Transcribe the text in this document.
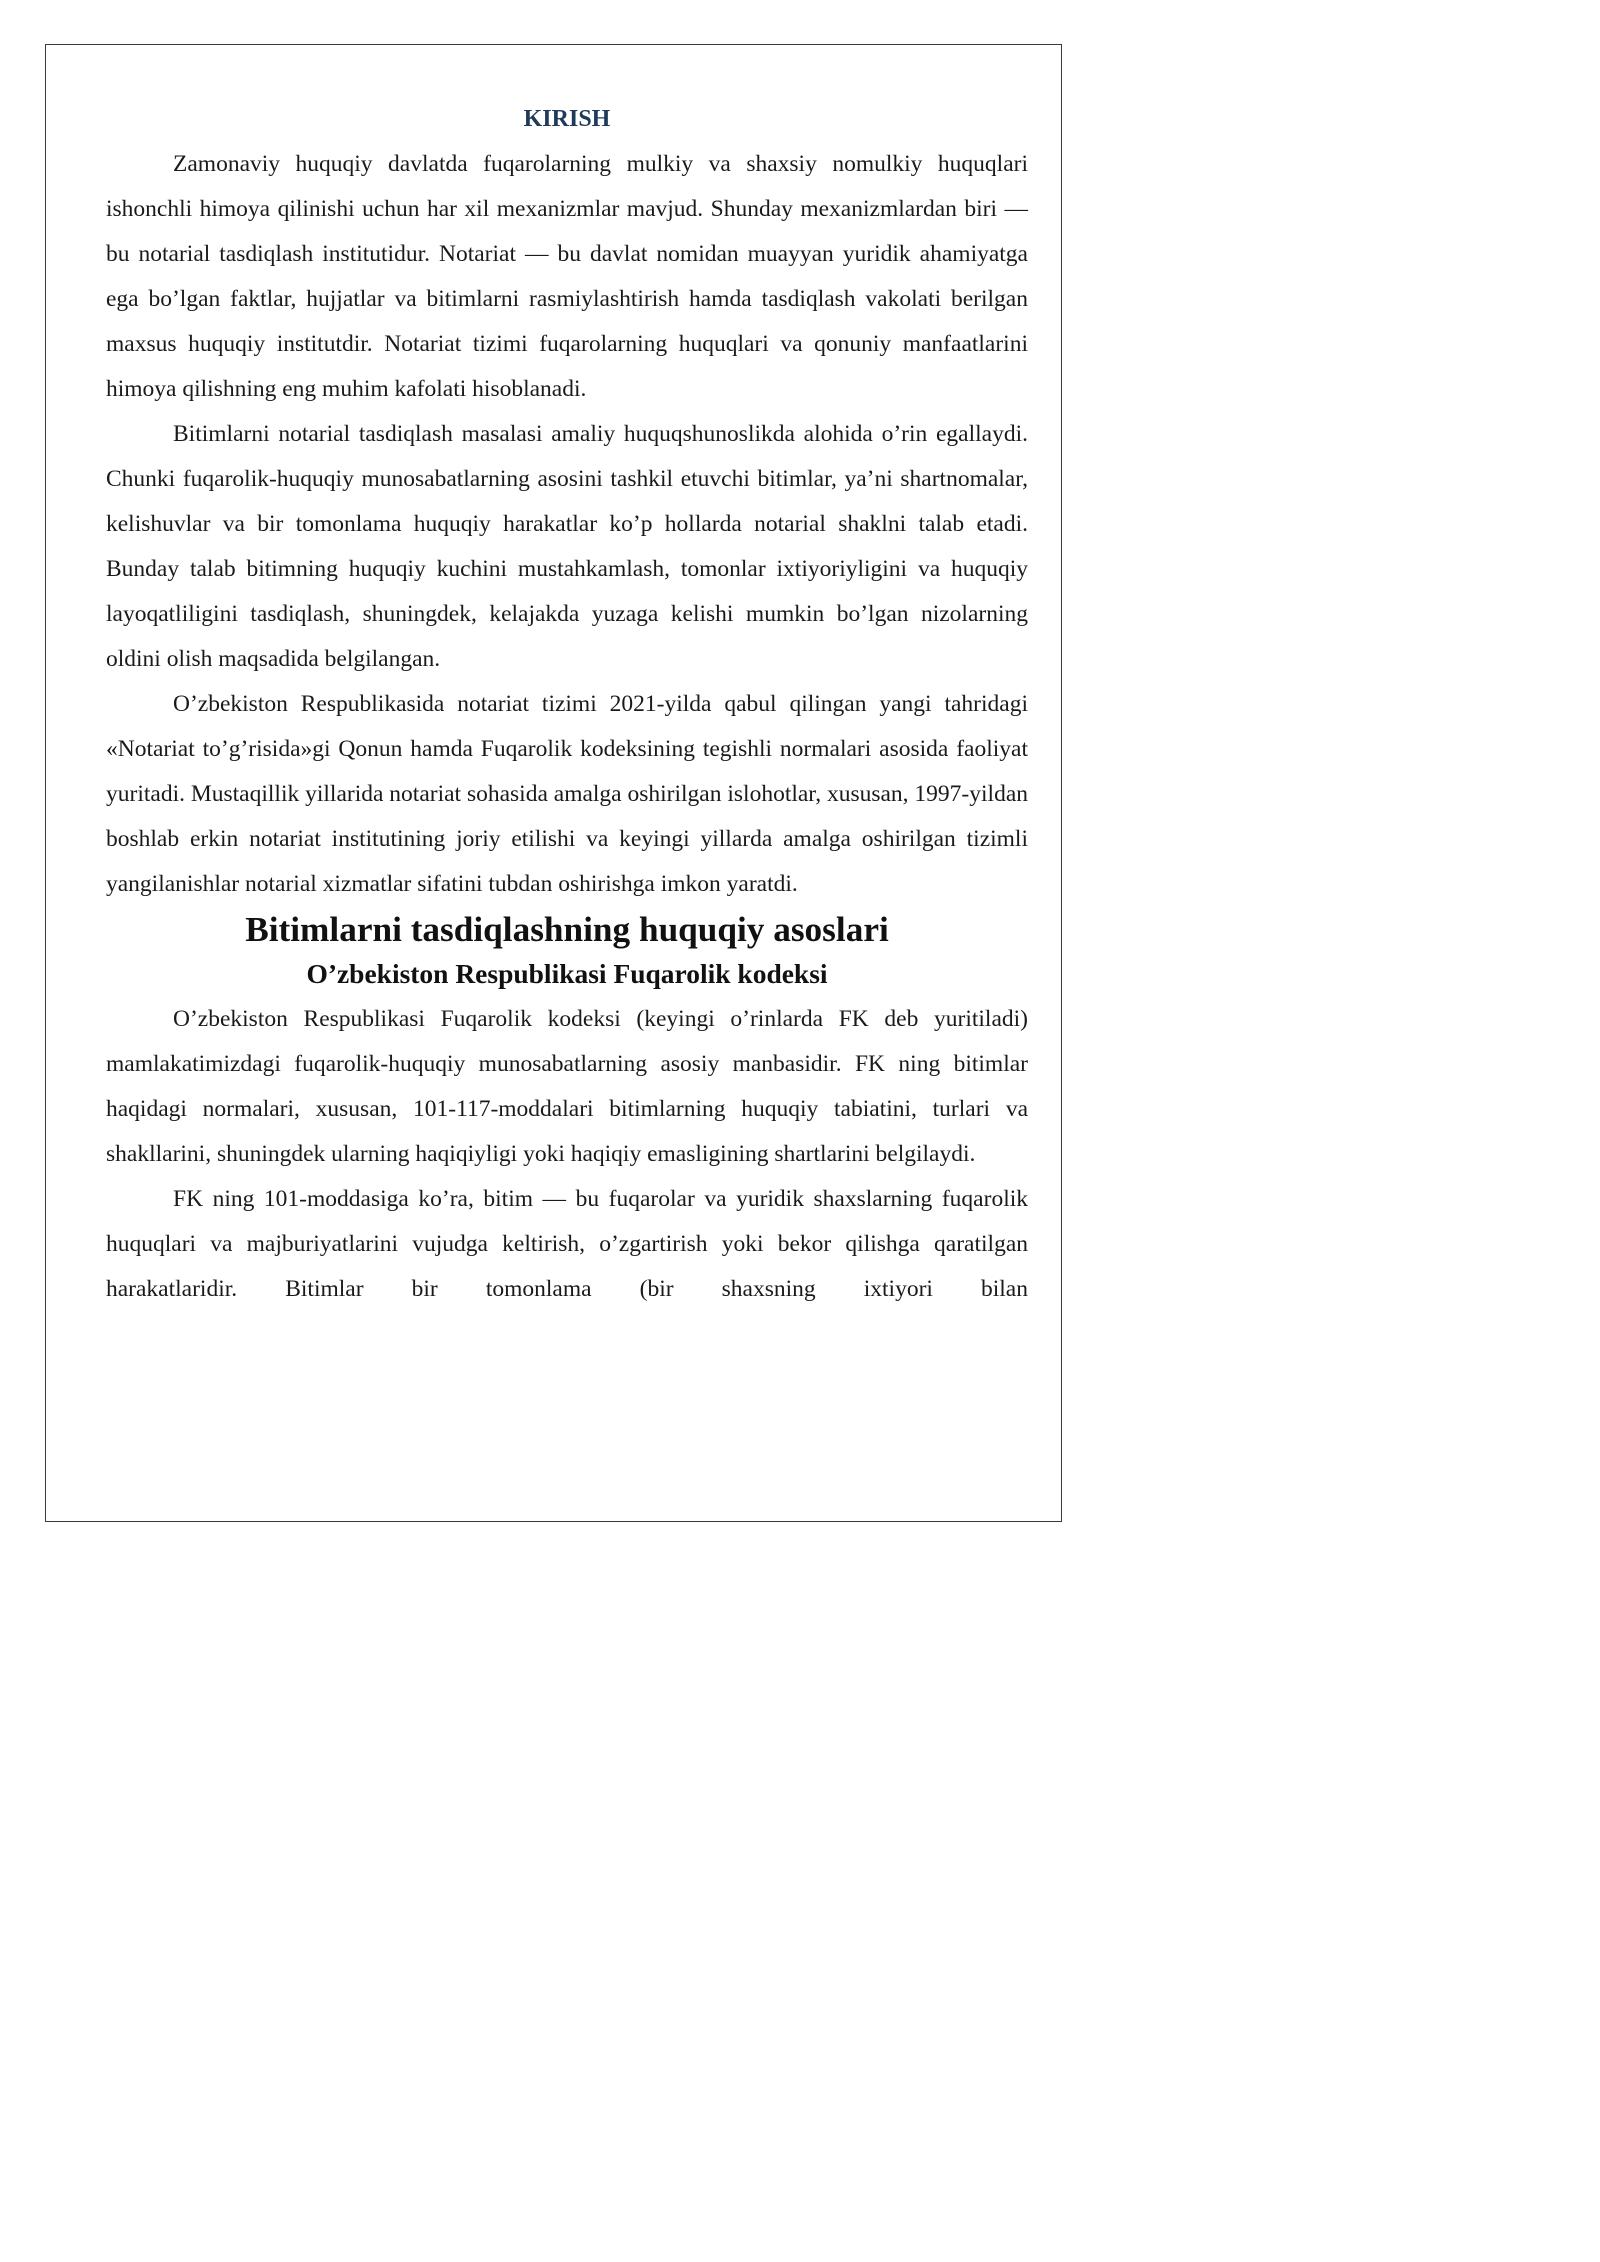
KIRISH

Zamonaviy huquqiy davlatda fuqarolarning mulkiy va shaxsiy nomulkiy huquqlari ishonchli himoya qilinishi uchun har xil mexanizmlar mavjud. Shunday mexanizmlardan biri — bu notarial tasdiqlash institutidur. Notariat — bu davlat nomidan muayyan yuridik ahamiyatga ega bo’lgan faktlar, hujjatlar va bitimlarni rasmiylashtirish hamda tasdiqlash vakolati berilgan maxsus huquqiy institutdir. Notariat tizimi fuqarolarning huquqlari va qonuniy manfaatlarini himoya qilishning eng muhim kafolati hisoblanadi.

Bitimlarni notarial tasdiqlash masalasi amaliy huquqshunoslikda alohida o’rin egallaydi. Chunki fuqarolik-huquqiy munosabatlarning asosini tashkil etuvchi bitimlar, ya’ni shartnomalar, kelishuvlar va bir tomonlama huquqiy harakatlar ko’p hollarda notarial shaklni talab etadi. Bunday talab bitimning huquqiy kuchini mustahkamlash, tomonlar ixtiyoriyligini va huquqiy layoqatliligini tasdiqlash, shuningdek, kelajakda yuzaga kelishi mumkin bo’lgan nizolarning oldini olish maqsadida belgilangan.

O’zbekiston Respublikasida notariat tizimi 2021-yilda qabul qilingan yangi tahridagi «Notariat to’g’risida»gi Qonun hamda Fuqarolik kodeksining tegishli normalari asosida faoliyat yuritadi. Mustaqillik yillarida notariat sohasida amalga oshirilgan islohotlar, xususan, 1997-yildan boshlab erkin notariat institutining joriy etilishi va keyingi yillarda amalga oshirilgan tizimli yangilanishlar notarial xizmatlar sifatini tubdan oshirishga imkon yaratdi.

Bitimlarni tasdiqlashning huquqiy asoslari
O’zbekiston Respublikasi Fuqarolik kodeksi

O’zbekiston Respublikasi Fuqarolik kodeksi (keyingi o’rinlarda FK deb yuritiladi) mamlakatimizdagi fuqarolik-huquqiy munosabatlarning asosiy manbasidir. FK ning bitimlar haqidagi normalari, xususan, 101-117-moddalari bitimlarning huquqiy tabiatini, turlari va shakllarini, shuningdek ularning haqiqiyligi yoki haqiqiy emasligining shartlarini belgilaydi.

FK ning 101-moddasiga ko’ra, bitim — bu fuqarolar va yuridik shaxslarning fuqarolik huquqlari va majburiyatlarini vujudga keltirish, o’zgartirish yoki bekor qilishga qaratilgan harakatlaridir. Bitimlar bir tomonlama (bir shaxsning ixtiyori bilan
